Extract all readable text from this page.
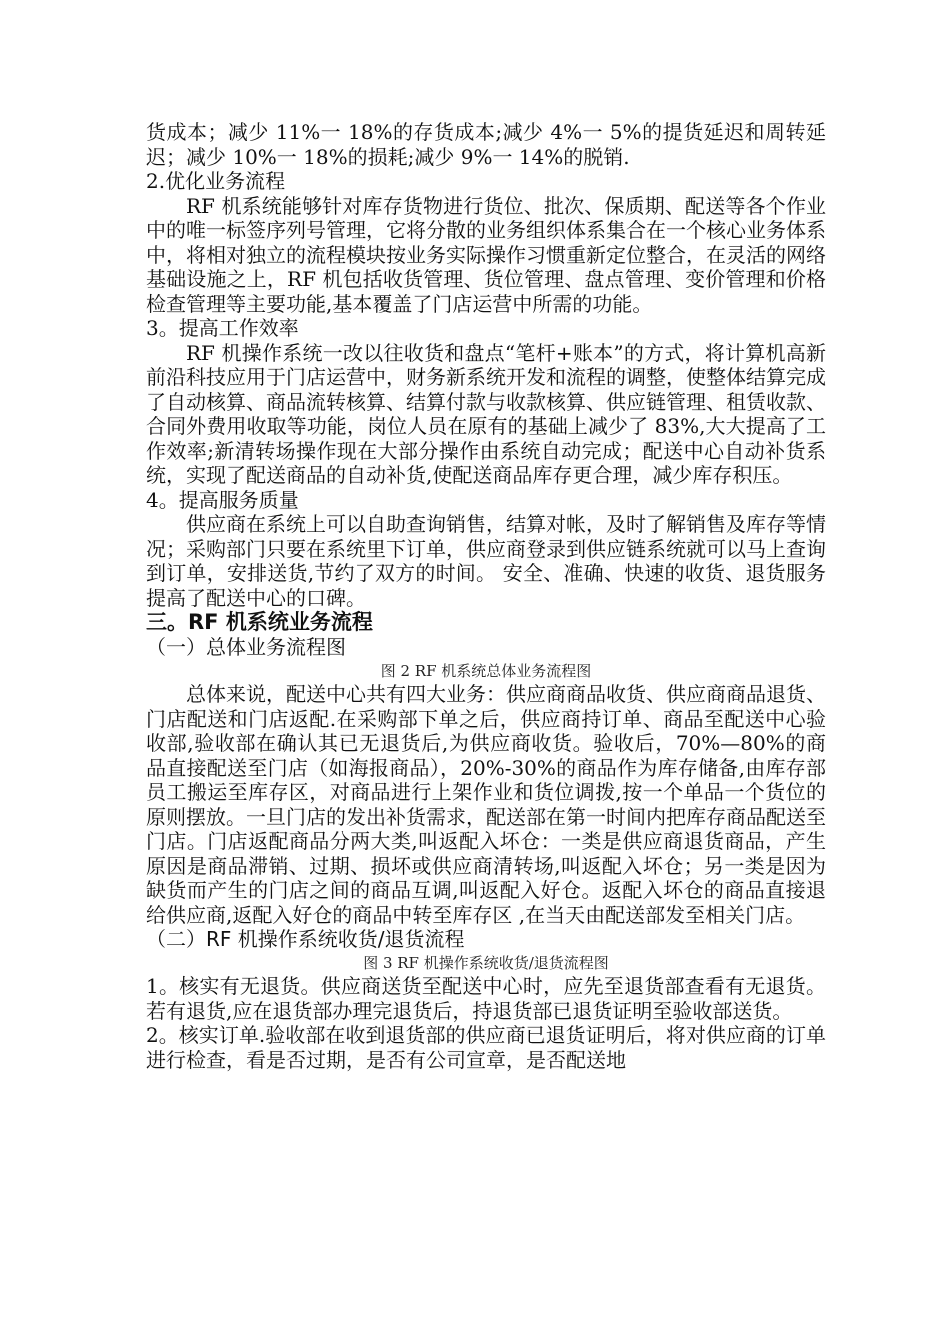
货成本；减少 11%一 18%的存货成本;减少 4%一 5%的提货延迟和周转延迟；减少 10%一 18%的损耗;减少 9%一 14%的脱销.

2.优化业务流程

RF 机系统能够针对库存货物进行货位、批次、保质期、配送等各个作业中的唯一标签序列号管理，它将分散的业务组织体系集合在一个核心业务体系中，将相对独立的流程模块按业务实际操作习惯重新定位整合，在灵活的网络基础设施之上，RF 机包括收货管理、货位管理、盘点管理、变价管理和价格检查管理等主要功能,基本覆盖了门店运营中所需的功能。

3。提高工作效率

RF 机操作系统一改以往收货和盘点“笔杆+账本”的方式，将计算机高新前沿科技应用于门店运营中，财务新系统开发和流程的调整，使整体结算完成了自动核算、商品流转核算、结算付款与收款核算、供应链管理、租赁收款、合同外费用收取等功能，岗位人员在原有的基础上减少了 83%,大大提高了工作效率;新清转场操作现在大部分操作由系统自动完成；配送中心自动补货系统，实现了配送商品的自动补货,使配送商品库存更合理，减少库存积压。

4。提高服务质量

供应商在系统上可以自助查询销售，结算对帐，及时了解销售及库存等情况；采购部门只要在系统里下订单，供应商登录到供应链系统就可以马上查询到订单，安排送货,节约了双方的时间。 安全、准确、快速的收货、退货服务提高了配送中心的口碑。

三。RF 机系统业务流程
（一）总体业务流程图

图 2 RF 机系统总体业务流程图

总体来说，配送中心共有四大业务：供应商商品收货、供应商商品退货、门店配送和门店返配.在采购部下单之后，供应商持订单、商品至配送中心验收部,验收部在确认其已无退货后,为供应商收货。验收后，70%—80%的商品直接配送至门店（如海报商品），20%-30%的商品作为库存储备,由库存部员工搬运至库存区，对商品进行上架作业和货位调拨,按一个单品一个货位的原则摆放。一旦门店的发出补货需求，配送部在第一时间内把库存商品配送至门店。门店返配商品分两大类,叫返配入坏仓：一类是供应商退货商品，产生原因是商品滞销、过期、损坏或供应商清转场,叫返配入坏仓；另一类是因为缺货而产生的门店之间的商品互调,叫返配入好仓。返配入坏仓的商品直接退给供应商,返配入好仓的商品中转至库存区 ,在当天由配送部发至相关门店。

（二）RF 机操作系统收货/退货流程

图 3 RF 机操作系统收货/退货流程图

1。核实有无退货。供应商送货至配送中心时，应先至退货部查看有无退货。若有退货,应在退货部办理完退货后，持退货部已退货证明至验收部送货。

2。核实订单.验收部在收到退货部的供应商已退货证明后，将对供应商的订单进行检查，看是否过期，是否有公司宣章，是否配送地
